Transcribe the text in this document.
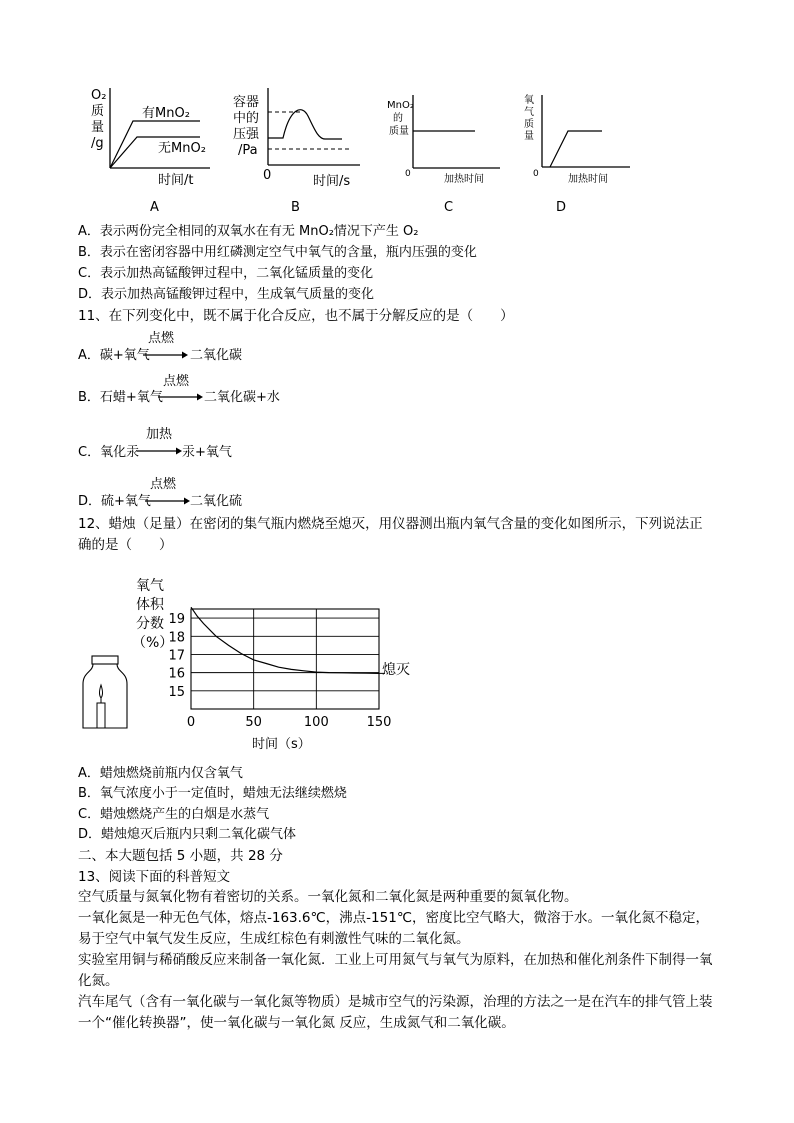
O₂
质
量
/g
有MnO₂
无MnO₂
时间/t
A
容器
中的
压强
/Pa
0	时间/s
B
MnO₂
的
质量
0	加热时间
C
氧
气
质
量
0	加热时间
D
A．表示两份完全相同的双氧水在有无 MnO₂情况下产生 O₂
B．表示在密闭容器中用红磷测定空气中氧气的含量，瓶内压强的变化
C．表示加热高锰酸钾过程中，二氧化锰质量的变化
D．表示加热高锰酸钾过程中，生成氧气质量的变化
11、在下列变化中，既不属于化合反应，也不属于分解反应的是（　　）
A．碳+氧气
点燃
二氧化碳
B．石蜡+氧气
点燃
二氧化碳+水
C．氧化汞
加热
汞+氧气
D．硫+氧气
点燃
二氧化硫
12、蜡烛（足量）在密闭的集气瓶内燃烧至熄灭，用仪器测出瓶内氧气含量的变化如图所示，下列说法正
确的是（　　）
0	50	100	150
15
16
17
18
19
氧气
体积
分数
（%）
时间（s）
熄灭
A．蜡烛燃烧前瓶内仅含氧气
B．氧气浓度小于一定值时，蜡烛无法继续燃烧
C．蜡烛燃烧产生的白烟是水蒸气
D．蜡烛熄灭后瓶内只剩二氧化碳气体
二、本大题包括 5 小题，共 28 分
13、阅读下面的科普短文
空气质量与氮氧化物有着密切的关系。一氧化氮和二氧化氮是两种重要的氮氧化物。
一氧化氮是一种无色气体，熔点-163.6℃，沸点-151℃，密度比空气略大，微溶于水。一氧化氮不稳定，易于空气中氧气发生反应，生成红棕色有刺激性气味的二氧化氮。
实验室用铜与稀硝酸反应来制备一氧化氮．工业上可用氮气与氧气为原料，在加热和催化剂条件下制得一氧化氮。
汽车尾气（含有一氧化碳与一氧化氮等物质）是城市空气的污染源，治理的方法之一是在汽车的排气管上装一个“催化转换器”，使一氧化碳与一氧化氮 反应，生成氮气和二氧化碳。
